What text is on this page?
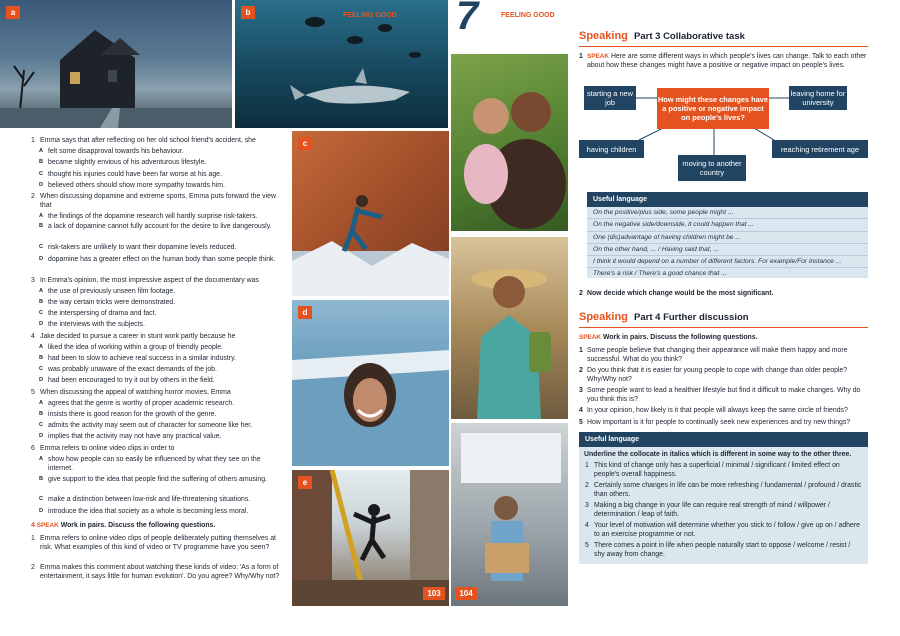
a	b	FEELING GOOD 7	FEELING GOOD
c
d
104
e
103
1 Emma says that after reflecting on her old school friend's accident, she
A felt some disapproval towards his behaviour.
B became slightly envious of his adventurous lifestyle.
C thought his injuries could have been far worse at his age.
D believed others should show more sympathy towards him.
2 When discussing dopamine and extreme sports, Emma puts forward the view that
A the findings of the dopamine research will hardly surprise risk-takers.
B a lack of dopamine cannot fully account for the desire to live dangerously.
C risk-takers are unlikely to want their dopamine levels reduced.
D dopamine has a greater effect on the human body than some people think.
3 In Emma's opinion, the most impressive aspect of the documentary was
A the use of previously unseen film footage.
B the way certain tricks were demonstrated.
C the interspersing of drama and fact.
D the interviews with the subjects.
4 Jake decided to pursue a career in stunt work partly because he
A liked the idea of working within a group of friendly people.
B had been to slow to achieve real success in a similar industry.
C was probably unaware of the exact demands of the job.
D had been encouraged to try it out by others in the field.
5 When discussing the appeal of watching horror movies, Emma
A agrees that the genre is worthy of proper academic research.
B insists there is good reason for the growth of the genre.
C admits the activity may seem out of character for someone like her.
D implies that the activity may not have any practical value.
6 Emma refers to online video clips in order to
A show how people can so easily be influenced by what they see on the internet.
B give support to the idea that people find the suffering of others amusing.
C make a distinction between low-risk and life-threatening situations.
D introduce the idea that society as a whole is becoming less moral.
4 SPEAK Work in pairs. Discuss the following questions.
1 Emma refers to online video clips of people deliberately putting themselves at risk. What examples of this kind of video or TV programme have you seen?
2 Emma makes this comment about watching these kinds of video: 'As a form of entertainment, it says little for human evolution'. Do you agree? Why/Why not?
Speaking Part 3 Collaborative task
1 SPEAK Here are some different ways in which people's lives can change. Talk to each other about how these changes might have a positive or negative impact on people's lives.
starting a new job	How might these changes have a positive or negative impact on people's lives?
leaving home for university
having children	reaching retirement age
moving to another country
Useful language
On the positive/plus side, some people might ...
On the negative side/downside, it could happen that ...
One (dis)advantage of having children might be ...
On the other hand, ... / Having said that, ...
I think it would depend on a number of different factors. For example/For instance ...
There's a risk / There's a good chance that ...
2 Now decide which change would be the most significant.
Speaking Part 4 Further discussion
SPEAK Work in pairs. Discuss the following questions.
1 Some people believe that changing their appearance will make them happy and more successful. What do you think?
2 Do you think that it is easier for young people to cope with change than older people? Why/Why not?
3 Some people want to lead a healthier lifestyle but find it difficult to make changes. Why do you think this is?
4 In your opinion, how likely is it that people will always keep the same circle of friends?
5 How important is it for people to continually seek new experiences and try new things?
Useful language
Underline the collocate in italics which is different in some way to the other three.
1 This kind of change only has a superficial / minimal / significant / limited effect on people's overall happiness.
2 Certainly some changes in life can be more refreshing / fundamental / profound / drastic than others.
3 Making a big change in your life can require real strength of mind / willpower / determination / leap of faith.
4 Your level of motivation will determine whether you stick to / follow / give up on / adhere to an exercise programme or not.
5 There comes a point in life when people naturally start to oppose / welcome / resist / shy away from change.
